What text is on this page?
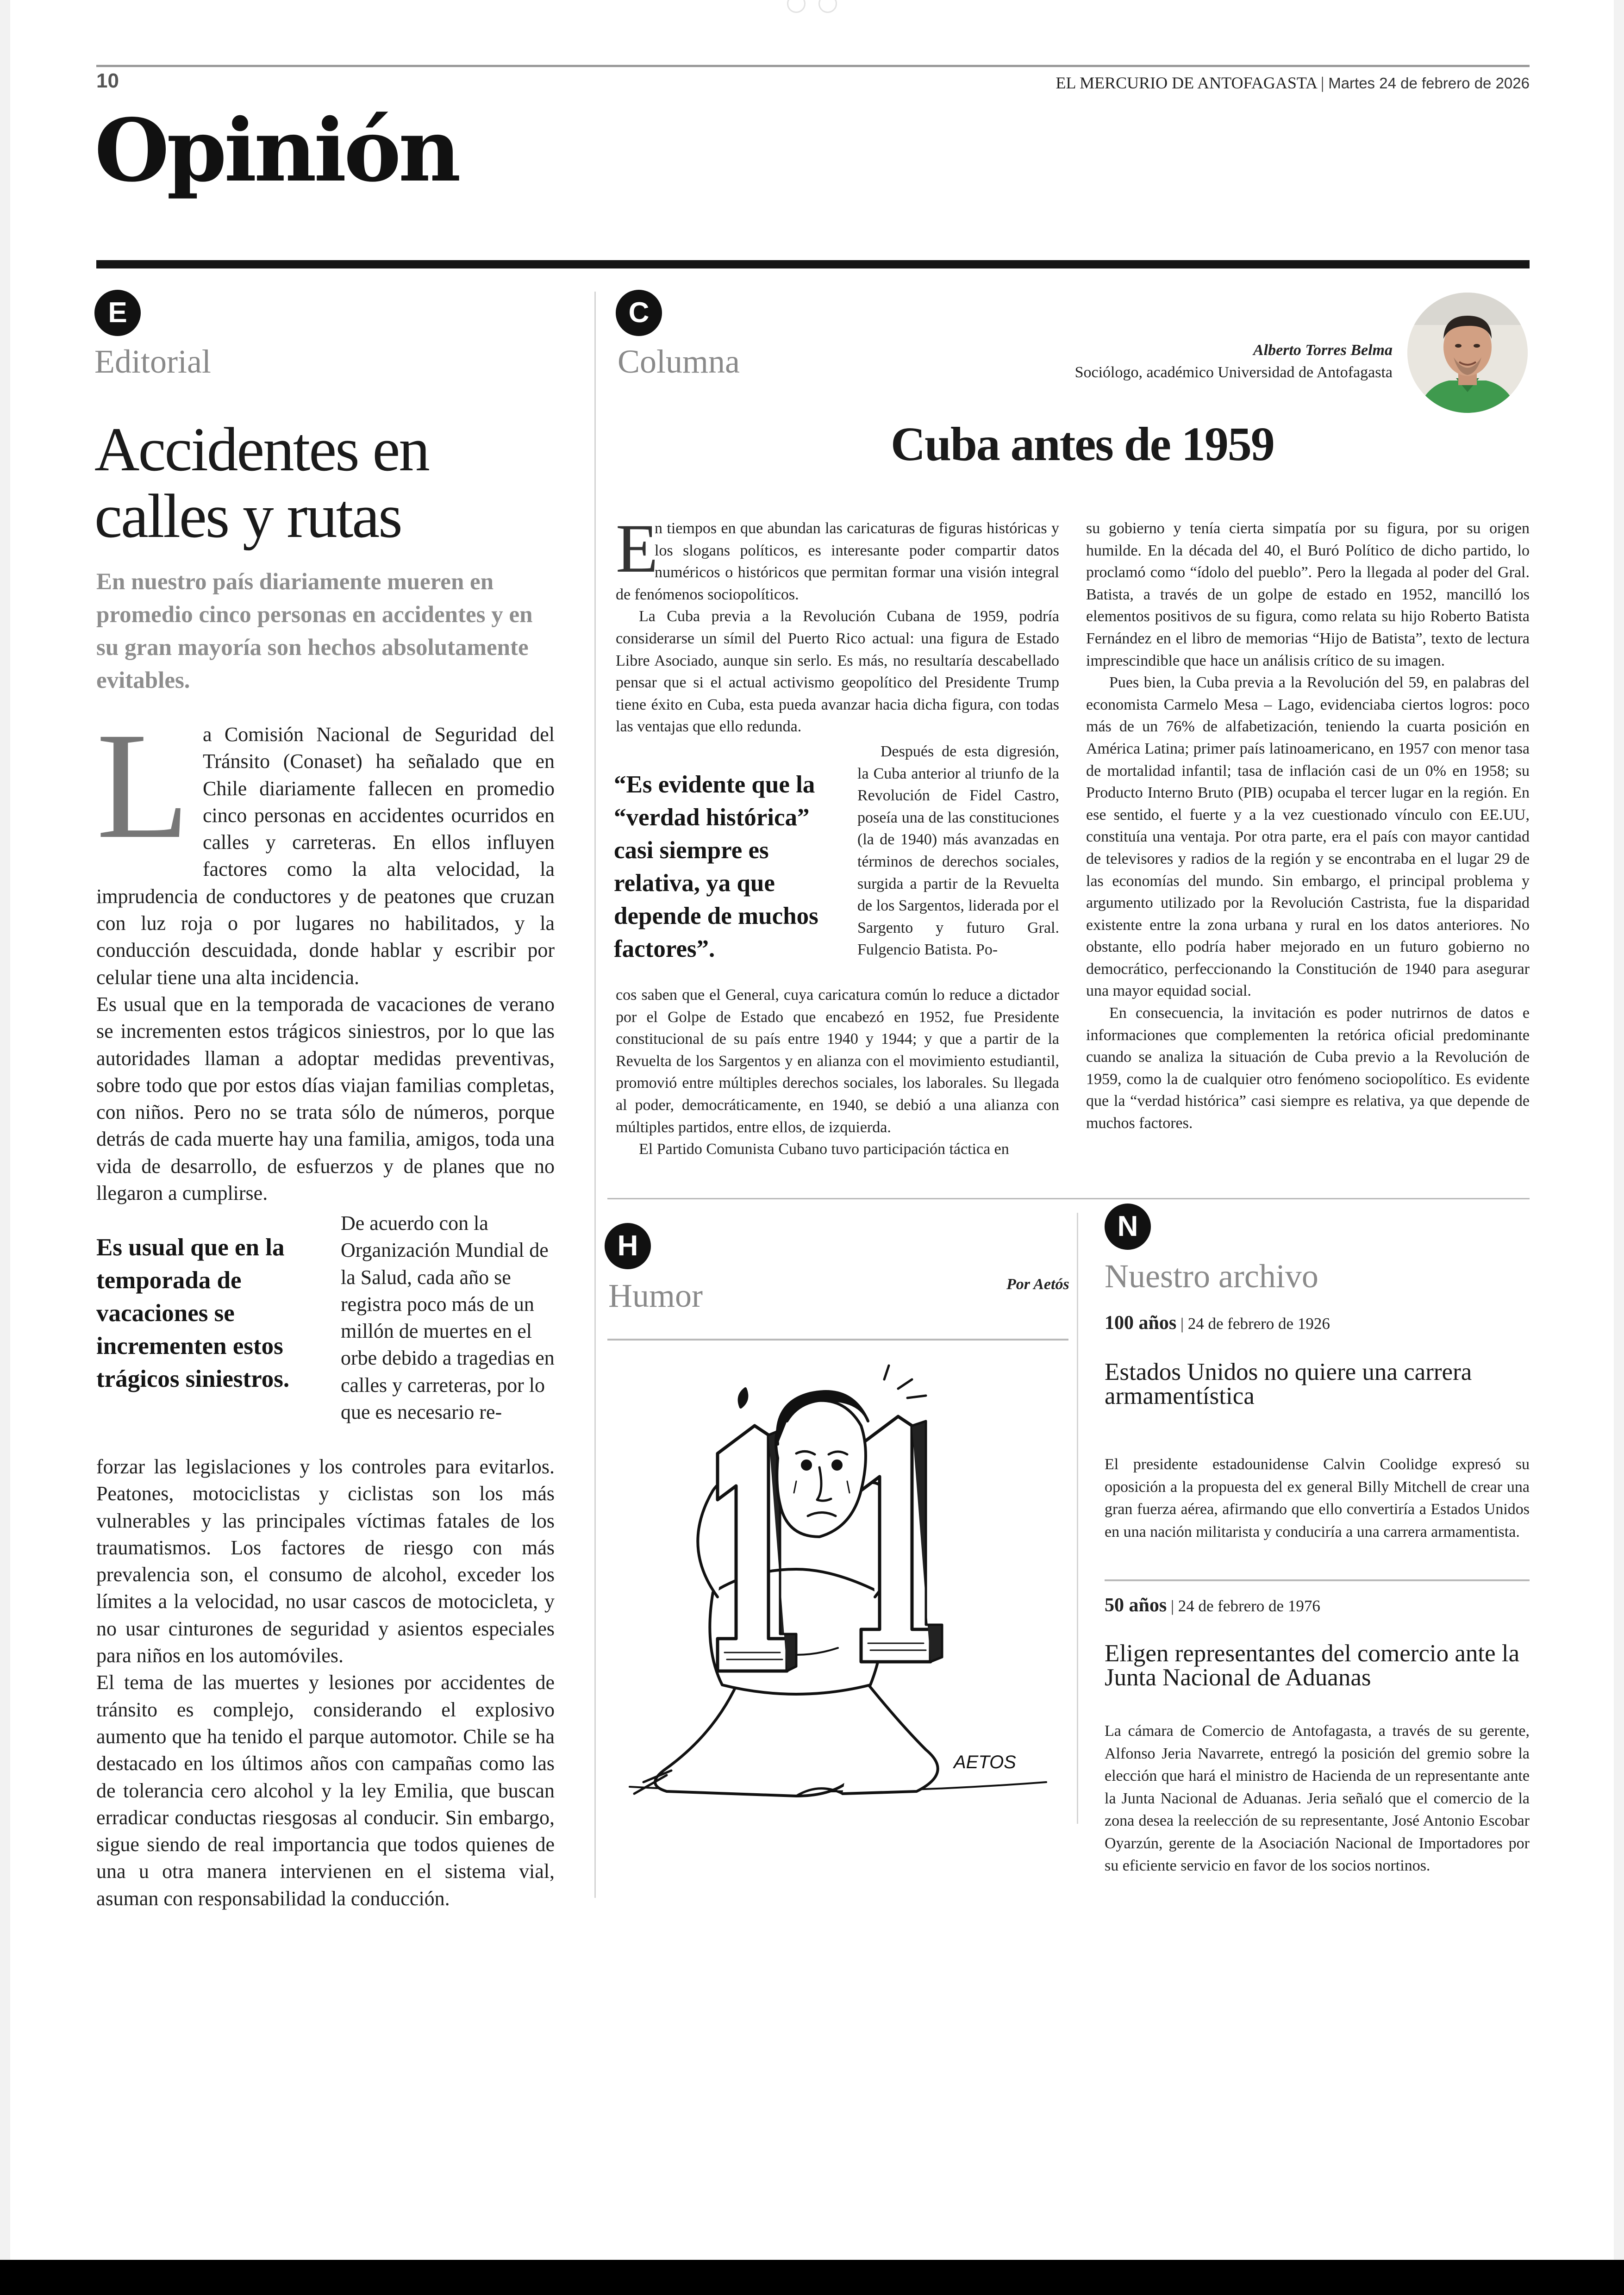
10	EL MERCURIO DE ANTOFAGASTA | Martes 24 de febrero de 2026
Opinión
E
Editorial
Accidentes en calles y rutas
En nuestro país diariamente mueren en promedio cinco personas en accidentes y en su gran mayoría son hechos absolutamente evitables.
L a Comisión Nacional de Seguridad del Tránsito (Conaset) ha señalado que en Chile diariamente fallecen en promedio cinco personas en accidentes ocurridos en calles y carreteras. En ellos influyen factores como la alta velocidad, la imprudencia de conductores y de peatones que cruzan con luz roja o por lugares no habilitados, y la conducción descuidada, donde hablar y escribir por celular tiene una alta incidencia.

Es usual que en la temporada de vacaciones de verano se incrementen estos trágicos siniestros, por lo que las autoridades llaman a adoptar medidas preventivas, sobre todo que por estos días viajan familias completas, con niños. Pero no se trata sólo de números, porque detrás de cada muerte hay una familia, amigos, toda una vida de desarrollo, de esfuerzos y de planes que no llegaron a cumplirse.

Es usual que en la temporada de vacaciones se incrementen estos trágicos siniestros.
De acuerdo con la Organización Mundial de la Salud, cada año se registra poco más de un millón de muertes en el orbe debido a tragedias en calles y carreteras, por lo que es necesario re-

forzar las legislaciones y los controles para evitarlos. Peatones, motociclistas y ciclistas son los más vulnerables y las principales víctimas fatales de los traumatismos. Los factores de riesgo con más prevalencia son, el consumo de alcohol, exceder los límites a la velocidad, no usar cascos de motocicleta, y no usar cinturones de seguridad y asientos especiales para niños en los automóviles.

El tema de las muertes y lesiones por accidentes de tránsito es complejo, considerando el explosivo aumento que ha tenido el parque automotor. Chile se ha destacado en los últimos años con campañas como las de tolerancia cero alcohol y la ley Emilia, que buscan erradicar conductas riesgosas al conducir. Sin embargo, sigue siendo de real importancia que todos quienes de una u otra manera intervienen en el sistema vial, asuman con responsabilidad la conducción.

C
Columna	Alberto Torres Belma
Sociólogo, académico Universidad de Antofagasta
Cuba antes de 1959
E

n tiempos en que abundan las caricaturas de figuras históricas y los slogans políticos, es interesante poder compartir datos numéricos o históricos que permitan formar una visión integral de fenómenos sociopolíticos.

La Cuba previa a la Revolución Cubana de 1959, podría considerarse un símil del Puerto Rico actual: una figura de Estado Libre Asociado, aunque sin serlo. Es más, no resultaría descabellado pensar que si el actual activismo geopolítico del Presidente Trump tiene éxito en Cuba, esta pueda avanzar hacia dicha figura, con todas las ventajas que ello redunda.

“Es evidente que la “verdad histórica” casi siempre es relativa, ya que depende de muchos factores”.

Después de esta digresión, la Cuba anterior al triunfo de la Revolución de Fidel Castro, poseía una de las constituciones (la de 1940) más avanzadas en términos de derechos sociales, surgida a partir de la Revuelta de los Sargentos, liderada por el Sargento y futuro Gral. Fulgencio Batista. Po-

cos saben que el General, cuya caricatura común lo reduce a dictador por el Golpe de Estado que encabezó en 1952, fue Presidente constitucional de su país entre 1940 y 1944; y que a partir de la Revuelta de los Sargentos y en alianza con el movimiento estudiantil, promovió entre múltiples derechos sociales, los laborales. Su llegada al poder, democráticamente, en 1940, se debió a una alianza con múltiples partidos, entre ellos, de izquierda.

El Partido Comunista Cubano tuvo participación táctica en

su gobierno y tenía cierta simpatía por su figura, por su origen humilde. En la década del 40, el Buró Político de dicho partido, lo proclamó como “ídolo del pueblo”. Pero la llegada al poder del Gral. Batista, a través de un golpe de estado en 1952, mancilló los elementos positivos de su figura, como relata su hijo Roberto Batista Fernández en el libro de memorias “Hijo de Batista”, texto de lectura imprescindible que hace un análisis crítico de su imagen.

Pues bien, la Cuba previa a la Revolución del 59, en palabras del economista Carmelo Mesa – Lago, evidenciaba ciertos logros: poco más de un 76% de alfabetización, teniendo la cuarta posición en América Latina; primer país latinoamericano, en 1957 con menor tasa de mortalidad infantil; tasa de inflación casi de un 0% en 1958; su Producto Interno Bruto (PIB) ocupaba el tercer lugar en la región. En ese sentido, el fuerte y a la vez cuestionado vínculo con EE.UU, constituía una ventaja. Por otra parte, era el país con mayor cantidad de televisores y radios de la región y se encontraba en el lugar 29 de las economías del mundo. Sin embargo, el principal problema y argumento utilizado por la Revolución Castrista, fue la disparidad existente entre la zona urbana y rural en los datos anteriores. No obstante, ello podría haber mejorado en un futuro gobierno no democrático, perfeccionando la Constitución de 1940 para asegurar una mayor equidad social.

En consecuencia, la invitación es poder nutrirnos de datos e informaciones que complementen la retórica oficial predominante cuando se analiza la situación de Cuba previo a la Revolución de 1959, como la de cualquier otro fenómeno sociopolítico. Es evidente que la “verdad histórica” casi siempre es relativa, ya que depende de muchos factores.

H
Humor	Por Aetós
AETOS
N
Nuestro archivo
100 años | 24 de febrero de 1926
Estados Unidos no quiere una carrera armamentística
El presidente estadounidense Calvin Coolidge expresó su oposición a la propuesta del ex general Billy Mitchell de crear una gran fuerza aérea, afirmando que ello convertiría a Estados Unidos en una nación militarista y conduciría a una carrera armamentista.
50 años | 24 de febrero de 1976
Eligen representantes del comercio ante la Junta Nacional de Aduanas
La cámara de Comercio de Antofagasta, a través de su gerente, Alfonso Jeria Navarrete, entregó la posición del gremio sobre la elección que hará el ministro de Hacienda de un representante ante la Junta Nacional de Aduanas. Jeria señaló que el comercio de la zona desea la reelección de su representante, José Antonio Escobar Oyarzún, gerente de la Asociación Nacional de Importadores por su eficiente servicio en favor de los socios nortinos.
